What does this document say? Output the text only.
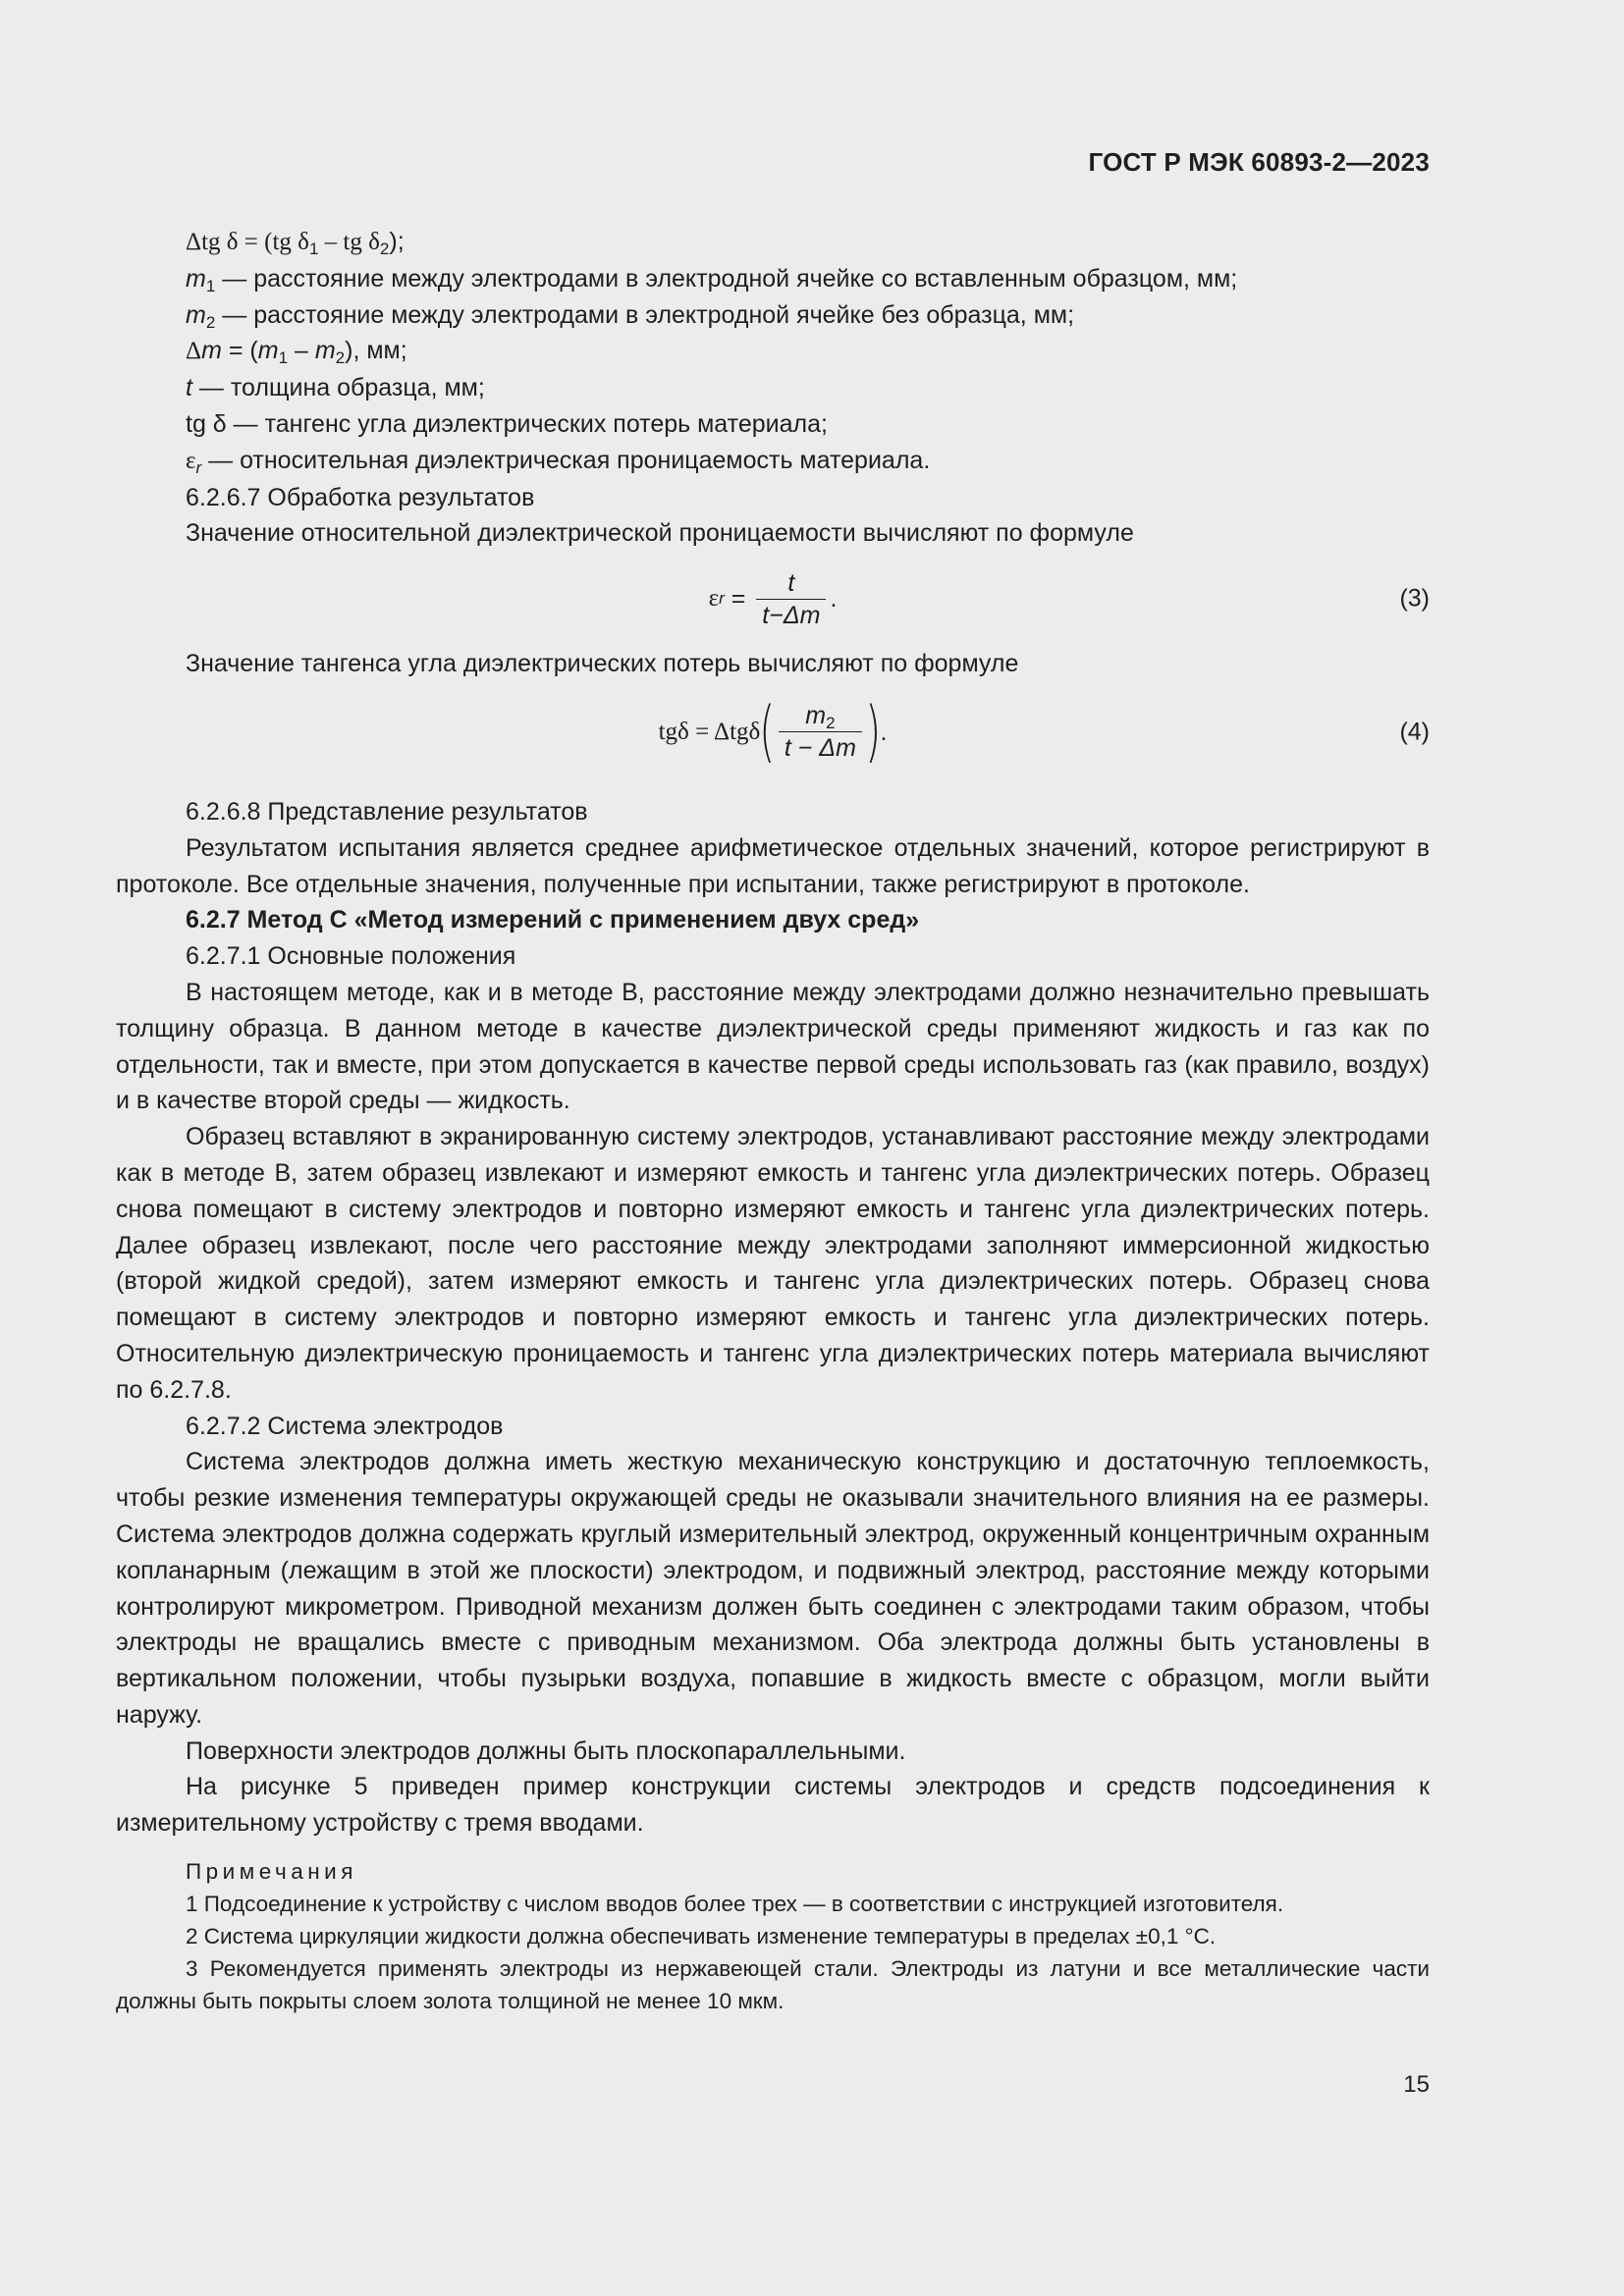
ГОСТ Р МЭК 60893-2—2023

Δtg δ = (tg $\delta_1$ – tg $\delta_2$);

$m_1$ — расстояние между электродами в электродной ячейке со вставленным образцом, мм;

$m_2$ — расстояние между электродами в электродной ячейке без образца, мм;

$\Delta m = (m_1 - m_2)$, мм;

t — толщина образца, мм;

tg δ — тангенс угла диэлектрических потерь материала;

$\varepsilon_r$ — относительная диэлектрическая проницаемость материала.

6.2.6.7 Обработка результатов

Значение относительной диэлектрической проницаемости вычисляют по формуле

ε $r = \frac{t}{t-\Delta m}$ .	(3)

Значение тангенса угла диэлектрических потерь вычисляют по формуле

tgδ = Δtgδ ( $\frac{m_2}{t - \Delta m}$ ) .	(4)

6.2.6.8 Представление результатов

Результатом испытания является среднее арифметическое отдельных значений, которое регистрируют в протоколе. Все отдельные значения, полученные при испытании, также регистрируют в протоколе.

6.2.7 Метод С «Метод измерений с применением двух сред»

6.2.7.1 Основные положения

В настоящем методе, как и в методе В, расстояние между электродами должно незначительно превышать толщину образца. В данном методе в качестве диэлектрической среды применяют жидкость и газ как по отдельности, так и вместе, при этом допускается в качестве первой среды использовать газ (как правило, воздух) и в качестве второй среды — жидкость.

Образец вставляют в экранированную систему электродов, устанавливают расстояние между электродами как в методе В, затем образец извлекают и измеряют емкость и тангенс угла диэлектрических потерь. Образец снова помещают в систему электродов и повторно измеряют емкость и тангенс угла диэлектрических потерь. Далее образец извлекают, после чего расстояние между электродами заполняют иммерсионной жидкостью (второй жидкой средой), затем измеряют емкость и тангенс угла диэлектрических потерь. Образец снова помещают в систему электродов и повторно измеряют емкость и тангенс угла диэлектрических потерь. Относительную диэлектрическую проницаемость и тангенс угла диэлектрических потерь материала вычисляют по 6.2.7.8.

6.2.7.2 Система электродов

Система электродов должна иметь жесткую механическую конструкцию и достаточную теплоемкость, чтобы резкие изменения температуры окружающей среды не оказывали значительного влияния на ее размеры. Система электродов должна содержать круглый измерительный электрод, окруженный концентричным охранным копланарным (лежащим в этой же плоскости) электродом, и подвижный электрод, расстояние между которыми контролируют микрометром. Приводной механизм должен быть соединен с электродами таким образом, чтобы электроды не вращались вместе с приводным механизмом. Оба электрода должны быть установлены в вертикальном положении, чтобы пузырьки воздуха, попавшие в жидкость вместе с образцом, могли выйти наружу.

Поверхности электродов должны быть плоскопараллельными.

На рисунке 5 приведен пример конструкции системы электродов и средств подсоединения к измерительному устройству с тремя вводами.

Примечания

1 Подсоединение к устройству с числом вводов более трех — в соответствии с инструкцией изготовителя.

2 Система циркуляции жидкости должна обеспечивать изменение температуры в пределах ±0,1 °С.

3 Рекомендуется применять электроды из нержавеющей стали. Электроды из латуни и все металлические части должны быть покрыты слоем золота толщиной не менее 10 мкм.

15
